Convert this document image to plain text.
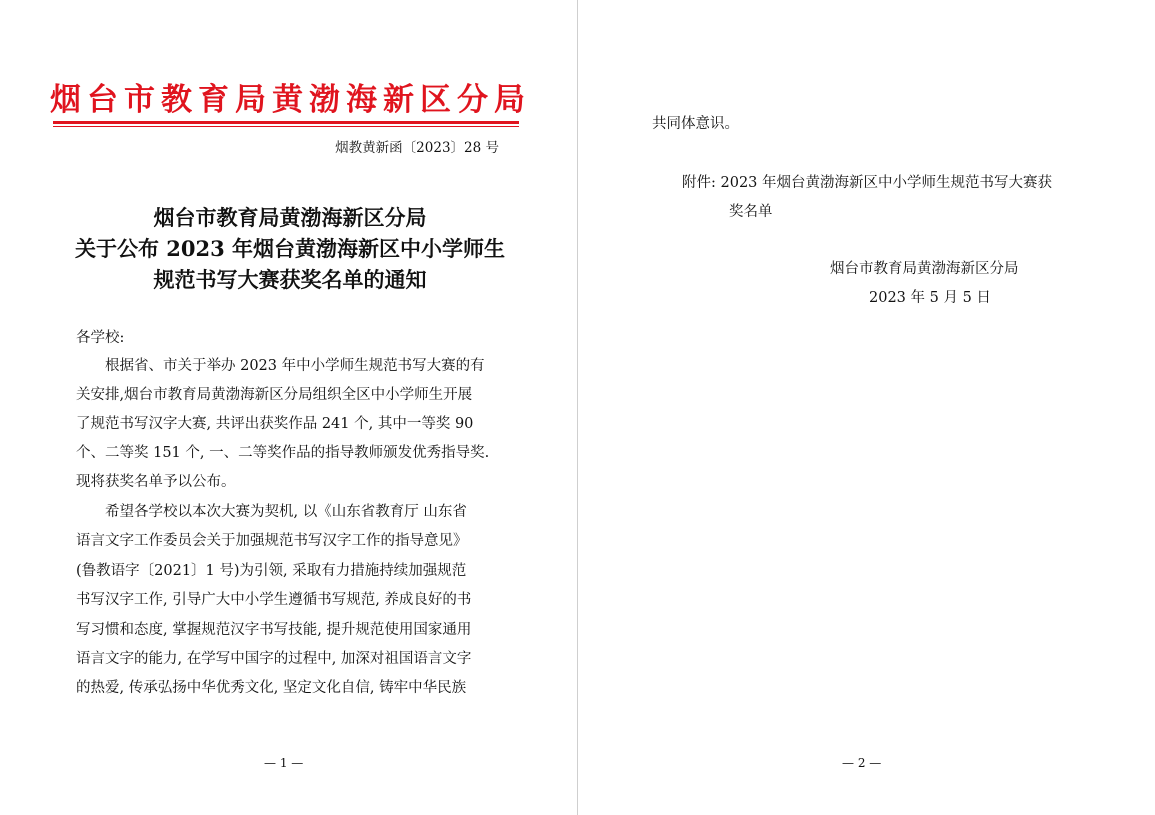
烟台市教育局黄渤海新区分局
烟教黄新函〔2023〕28 号
烟台市教育局黄渤海新区分局
关于公布 2023 年烟台黄渤海新区中小学师生
规范书写大赛获奖名单的通知
各学校:
根据省、市关于举办 2023 年中小学师生规范书写大赛的有
关安排,烟台市教育局黄渤海新区分局组织全区中小学师生开展
了规范书写汉字大赛, 共评出获奖作品 241 个, 其中一等奖 90
个、二等奖 151 个, 一、二等奖作品的指导教师颁发优秀指导奖.
现将获奖名单予以公布。
希望各学校以本次大赛为契机, 以《山东省教育厅 山东省
语言文字工作委员会关于加强规范书写汉字工作的指导意见》
(鲁教语字〔2021〕1 号)为引领, 采取有力措施持续加强规范
书写汉字工作, 引导广大中小学生遵循书写规范, 养成良好的书
写习惯和态度, 掌握规范汉字书写技能, 提升规范使用国家通用
语言文字的能力, 在学写中国字的过程中, 加深对祖国语言文字
的热爱, 传承弘扬中华优秀文化, 坚定文化自信, 铸牢中华民族
— 1 —
共同体意识。
附件: 2023 年烟台黄渤海新区中小学师生规范书写大赛获
奖名单
烟台市教育局黄渤海新区分局
2023 年 5 月 5 日
— 2 —
